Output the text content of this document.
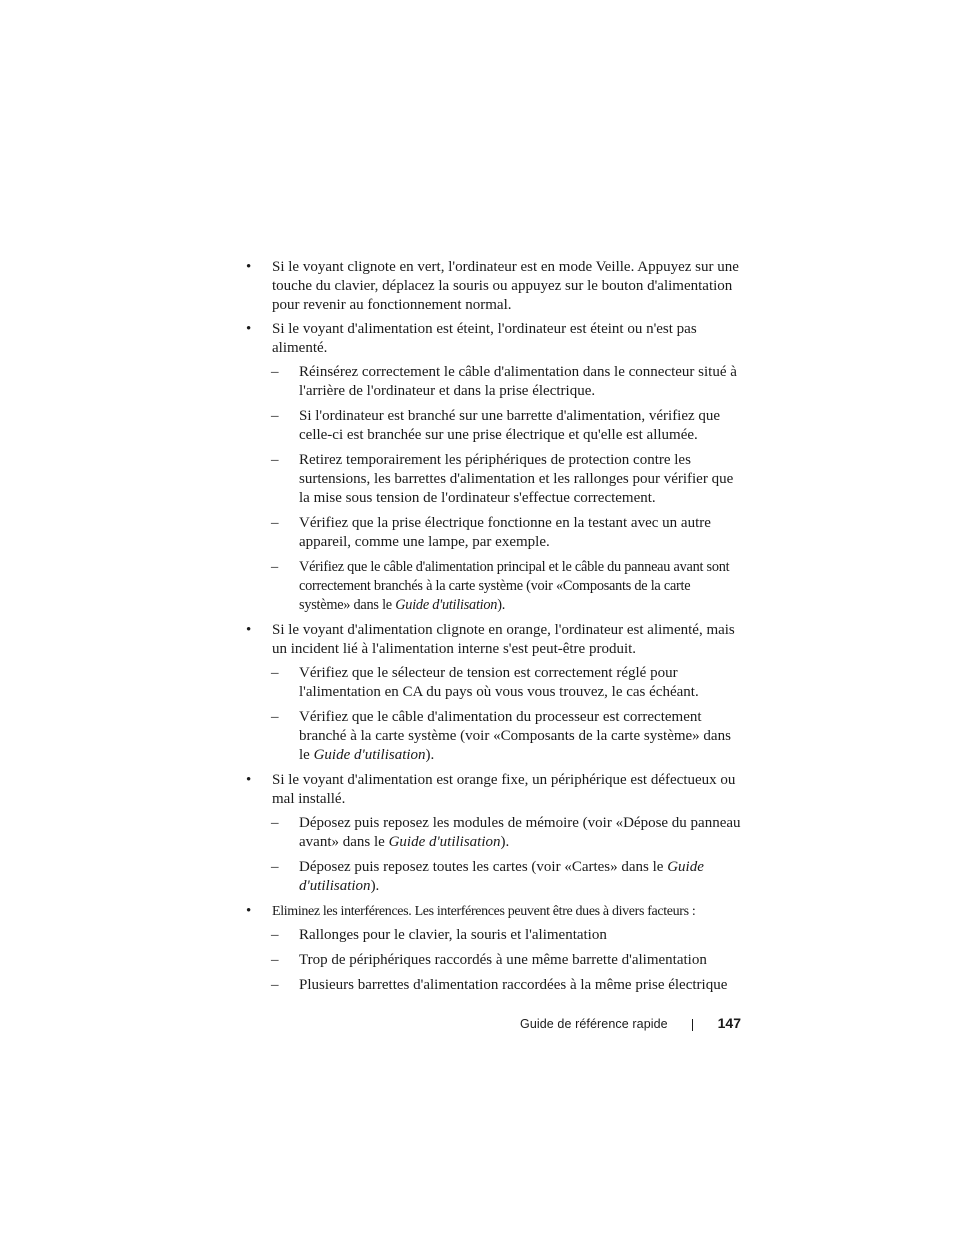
•	Si le voyant clignote en vert, l'ordinateur est en mode Veille. Appuyez sur une touche du clavier, déplacez la souris ou appuyez sur le bouton d'alimentation pour revenir au fonctionnement normal.
•	Si le voyant d'alimentation est éteint, l'ordinateur est éteint ou n'est pas alimenté.
–	Réinsérez correctement le câble d'alimentation dans le connecteur situé à l'arrière de l'ordinateur et dans la prise électrique.
–	Si l'ordinateur est branché sur une barrette d'alimentation, vérifiez que celle-ci est branchée sur une prise électrique et qu'elle est allumée.
–	Retirez temporairement les périphériques de protection contre les surtensions, les barrettes d'alimentation et les rallonges pour vérifier que la mise sous tension de l'ordinateur s'effectue correctement.
–	Vérifiez que la prise électrique fonctionne en la testant avec un autre appareil, comme une lampe, par exemple.
–	Vérifiez que le câble d'alimentation principal et le câble du panneau avant sont correctement branchés à la carte système (voir «Composants de la carte système» dans le Guide d'utilisation).
•	Si le voyant d'alimentation clignote en orange, l'ordinateur est alimenté, mais un incident lié à l'alimentation interne s'est peut-être produit.
–	Vérifiez que le sélecteur de tension est correctement réglé pour l'alimentation en CA du pays où vous vous trouvez, le cas échéant.
–	Vérifiez que le câble d'alimentation du processeur est correctement branché à la carte système (voir «Composants de la carte système» dans le Guide d'utilisation).
•	Si le voyant d'alimentation est orange fixe, un périphérique est défectueux ou mal installé.
–	Déposez puis reposez les modules de mémoire (voir «Dépose du panneau avant» dans le Guide d'utilisation).
–	Déposez puis reposez toutes les cartes (voir «Cartes» dans le Guide d'utilisation).
•	Eliminez les interférences. Les interférences peuvent être dues à divers facteurs :
–	Rallonges pour le clavier, la souris et l'alimentation
–	Trop de périphériques raccordés à une même barrette d'alimentation
–	Plusieurs barrettes d'alimentation raccordées à la même prise électrique
Guide de référence rapide	147
